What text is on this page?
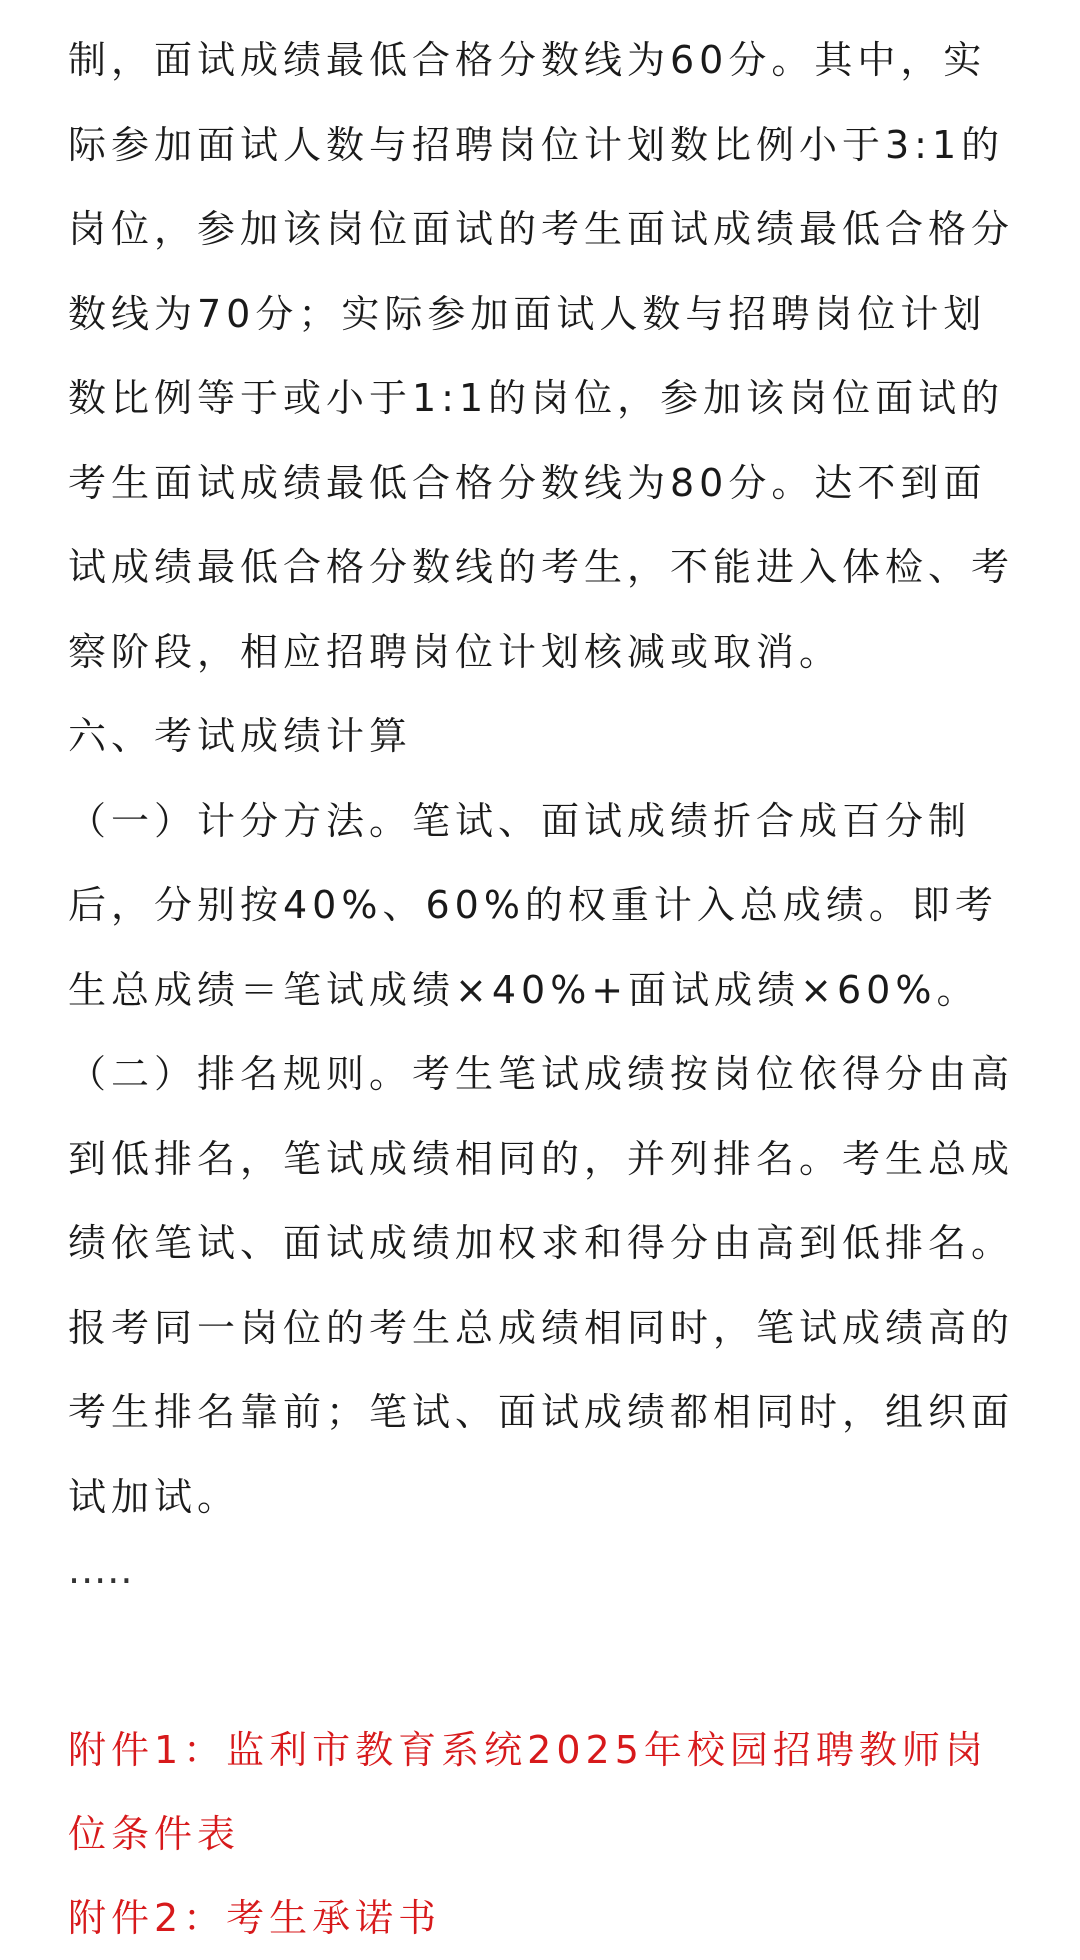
制，面试成绩最低合格分数线为60分。其中，实际参加面试人数与招聘岗位计划数比例小于3:1的岗位，参加该岗位面试的考生面试成绩最低合格分数线为70分；实际参加面试人数与招聘岗位计划数比例等于或小于1:1的岗位，参加该岗位面试的考生面试成绩最低合格分数线为80分。达不到面试成绩最低合格分数线的考生，不能进入体检、考察阶段，相应招聘岗位计划核减或取消。

六、考试成绩计算

（一）计分方法。笔试、面试成绩折合成百分制后，分别按40%、60%的权重计入总成绩。即考生总成绩＝笔试成绩×40%+面试成绩×60%。

（二）排名规则。考生笔试成绩按岗位依得分由高到低排名，笔试成绩相同的，并列排名。考生总成绩依笔试、面试成绩加权求和得分由高到低排名。报考同一岗位的考生总成绩相同时，笔试成绩高的考生排名靠前；笔试、面试成绩都相同时，组织面试加试。

·····

附件1：监利市教育系统2025年校园招聘教师岗位条件表

附件2：考生承诺书
